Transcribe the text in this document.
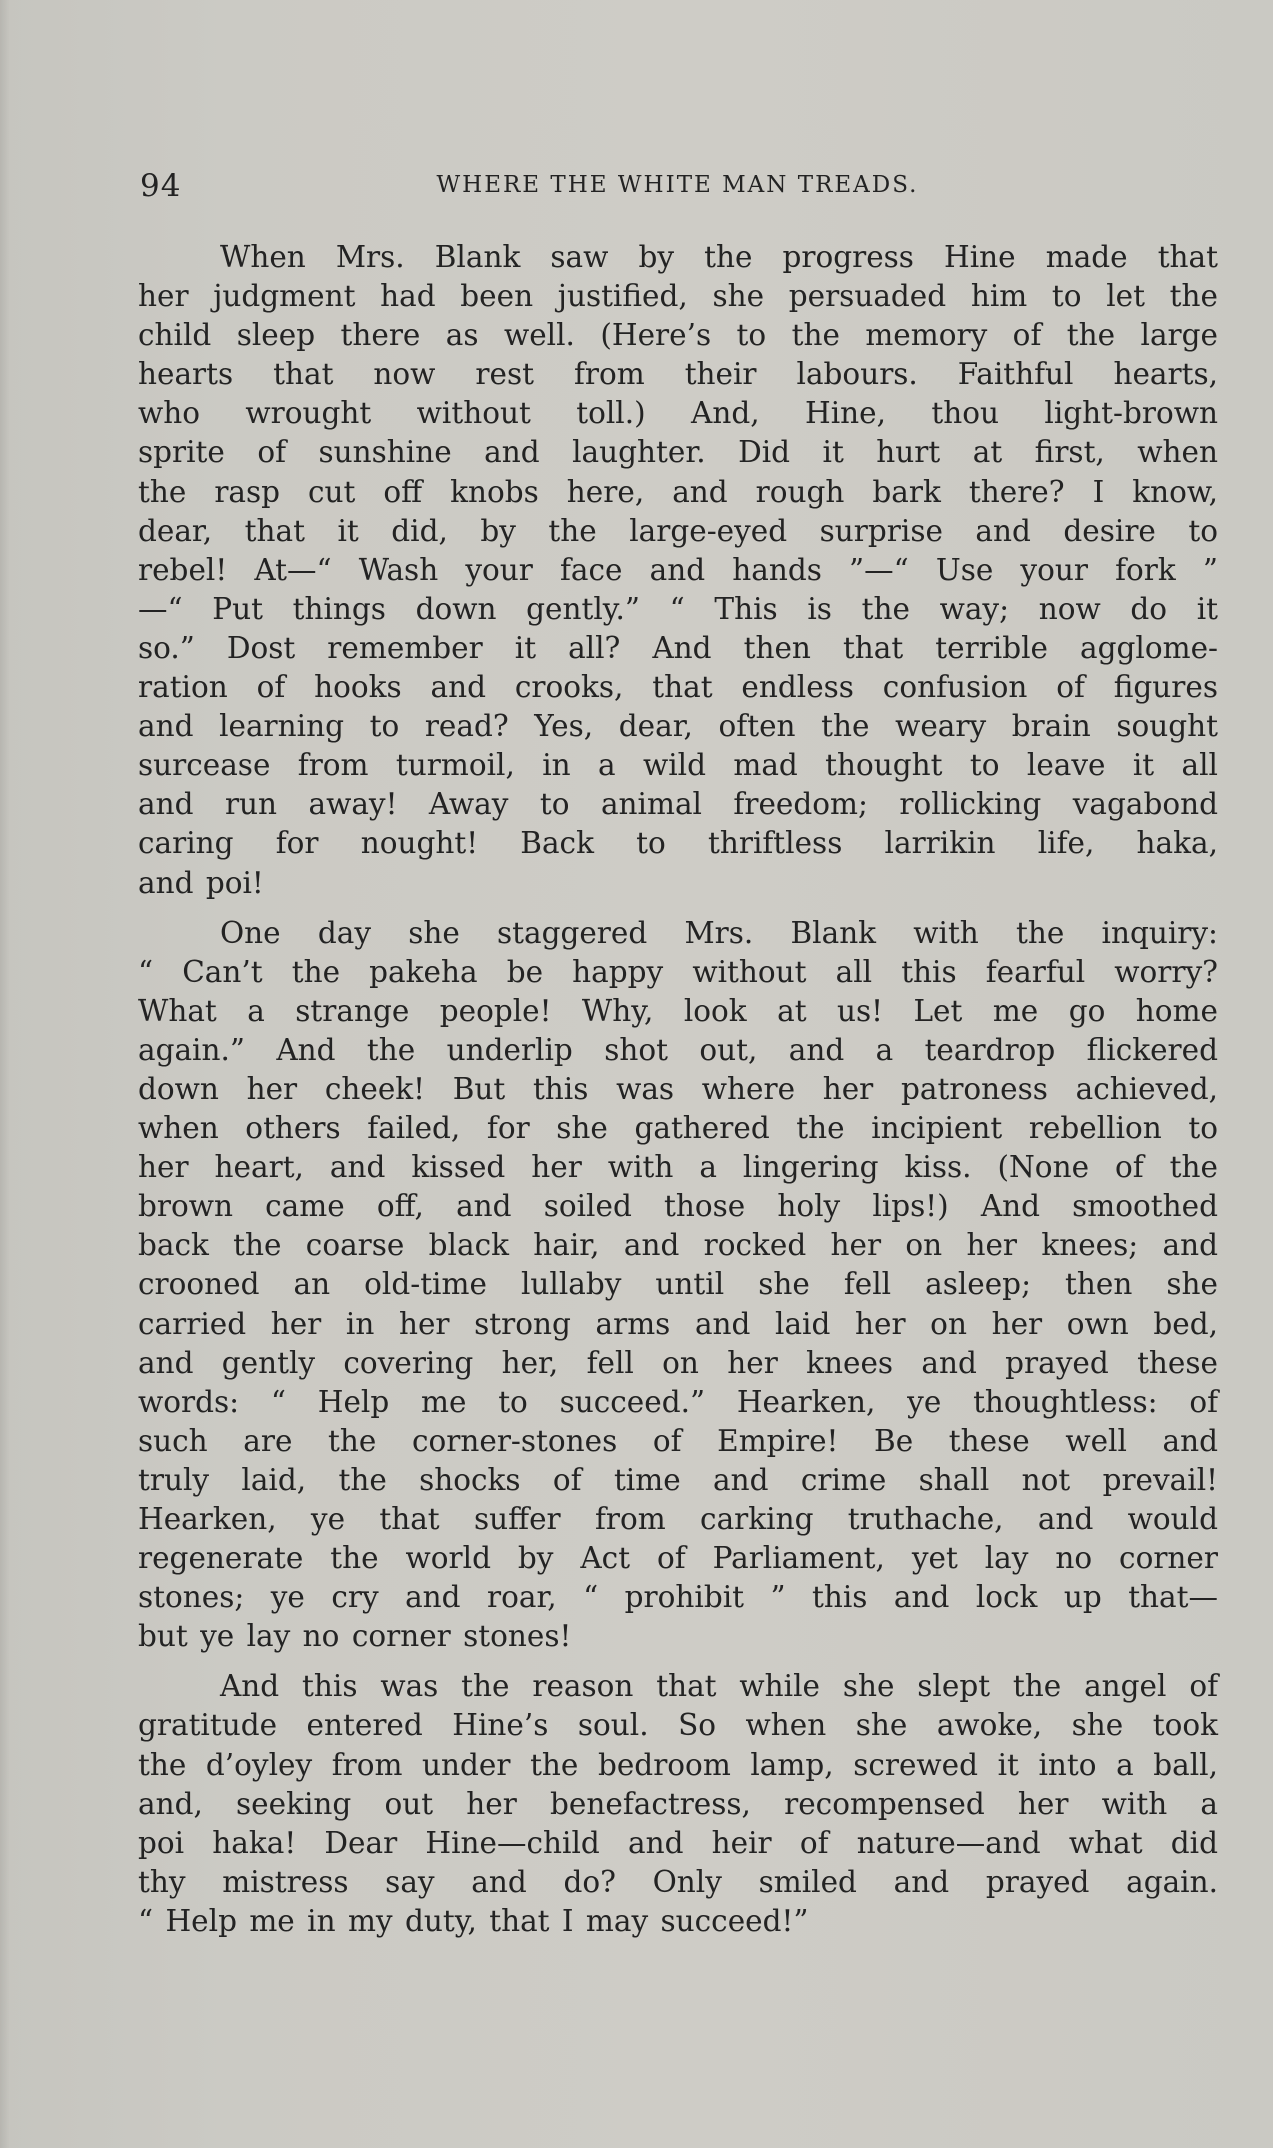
94	WHERE THE WHITE MAN TREADS.
When Mrs. Blank saw by the progress Hine made that
her judgment had been justified, she persuaded him to let the
child sleep there as well. (Here’s to the memory of the large
hearts that now rest from their labours. Faithful hearts,
who wrought without toll.) And, Hine, thou light-brown
sprite of sunshine and laughter. Did it hurt at first, when
the rasp cut off knobs here, and rough bark there? I know,
dear, that it did, by the large-eyed surprise and desire to
rebel! At—“ Wash your face and hands ”—“ Use your fork ”
—“ Put things down gently.” “ This is the way; now do it
so.” Dost remember it all? And then that terrible agglome-
ration of hooks and crooks, that endless confusion of figures
and learning to read? Yes, dear, often the weary brain sought
surcease from turmoil, in a wild mad thought to leave it all
and run away! Away to animal freedom; rollicking vagabond
caring for nought! Back to thriftless larrikin life, haka,
and poi!
One day she staggered Mrs. Blank with the inquiry:
“ Can’t the pakeha be happy without all this fearful worry?
What a strange people! Why, look at us! Let me go home
again.” And the underlip shot out, and a teardrop flickered
down her cheek! But this was where her patroness achieved,
when others failed, for she gathered the incipient rebellion to
her heart, and kissed her with a lingering kiss. (None of the
brown came off, and soiled those holy lips!) And smoothed
back the coarse black hair, and rocked her on her knees; and
crooned an old-time lullaby until she fell asleep; then she
carried her in her strong arms and laid her on her own bed,
and gently covering her, fell on her knees and prayed these
words: “ Help me to succeed.” Hearken, ye thoughtless: of
such are the corner-stones of Empire! Be these well and
truly laid, the shocks of time and crime shall not prevail!
Hearken, ye that suffer from carking truthache, and would
regenerate the world by Act of Parliament, yet lay no corner
stones; ye cry and roar, “ prohibit ” this and lock up that—
but ye lay no corner stones!
And this was the reason that while she slept the angel of
gratitude entered Hine’s soul. So when she awoke, she took
the d’oyley from under the bedroom lamp, screwed it into a ball,
and, seeking out her benefactress, recompensed her with a
poi haka! Dear Hine—child and heir of nature—and what did
thy mistress say and do? Only smiled and prayed again.
“ Help me in my duty, that I may succeed!”
